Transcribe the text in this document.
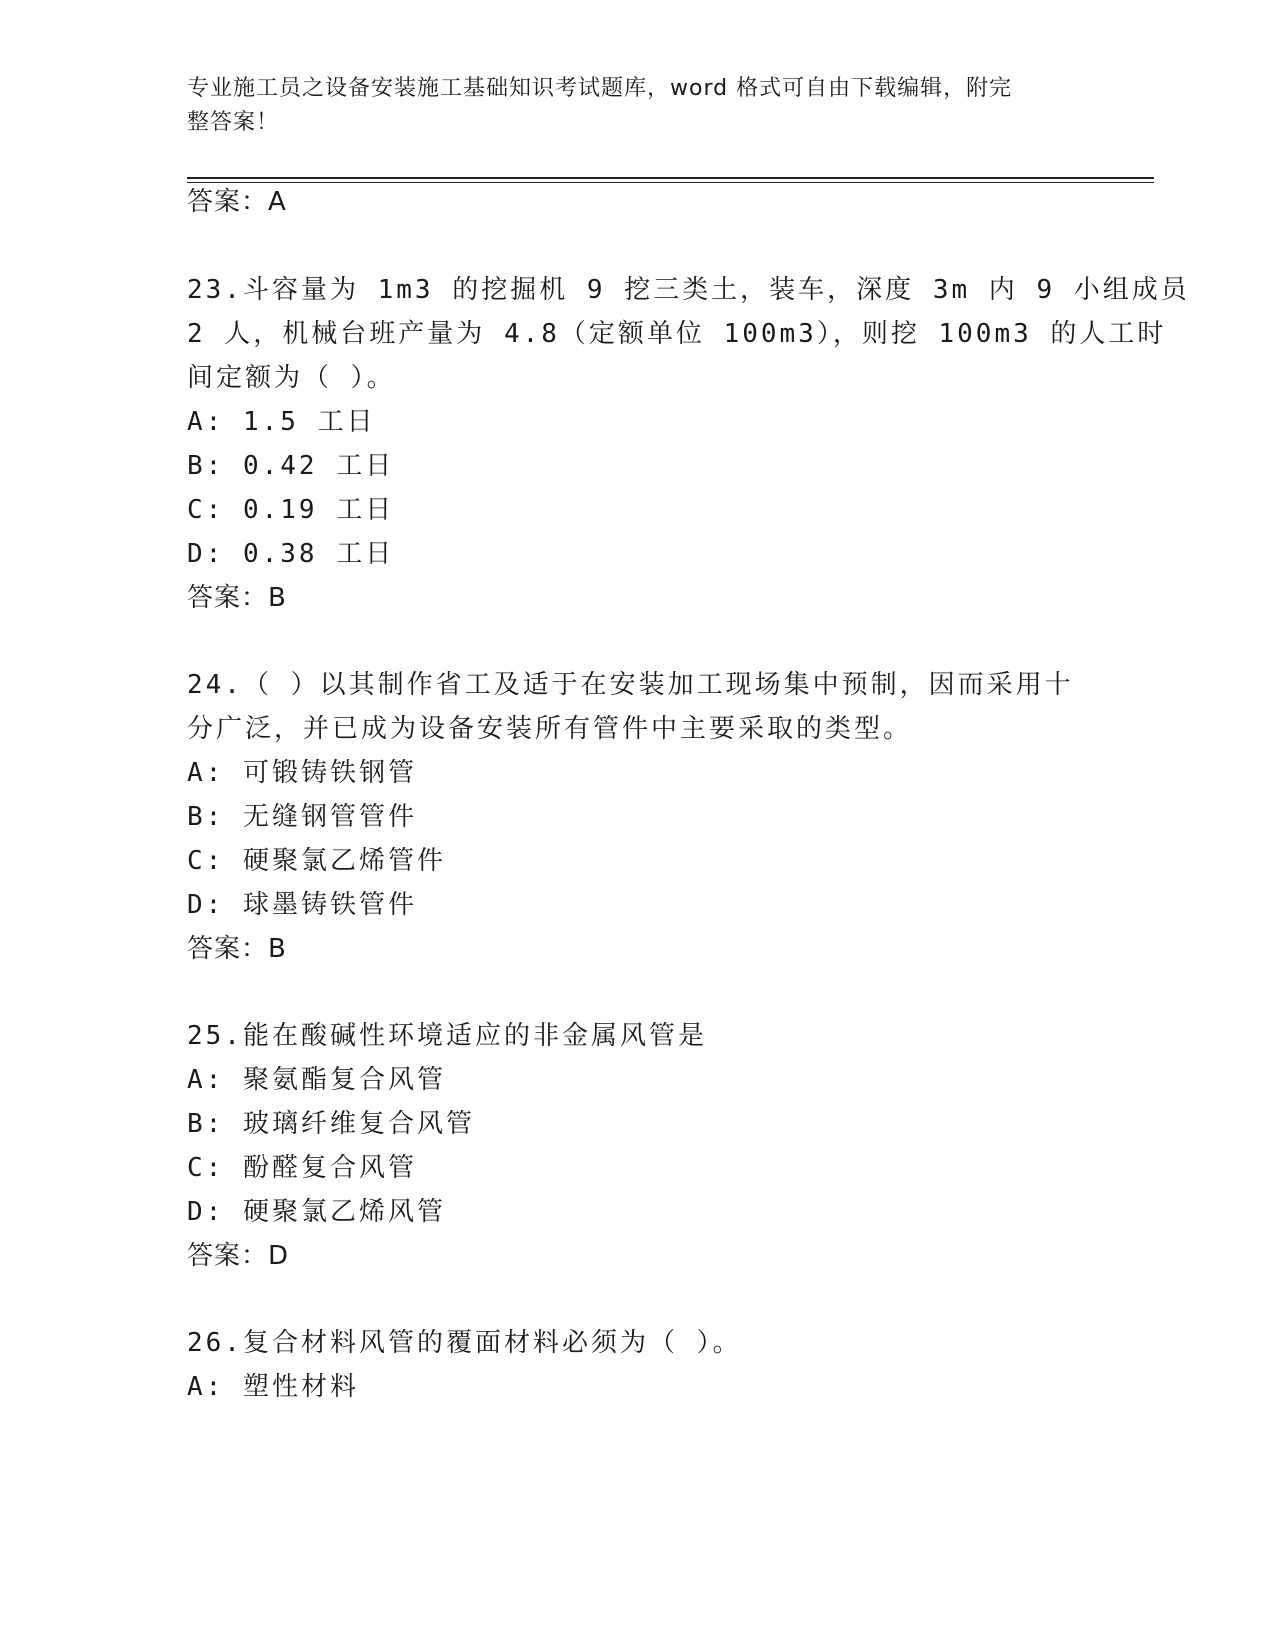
专业施工员之设备安装施工基础知识考试题库，word 格式可自由下载编辑，附完
整答案！
答案：A
23.斗容量为 1m3 的挖掘机 9 挖三类土，装车，深度 3m 内 9 小组成员
2 人，机械台班产量为 4.8（定额单位 100m3），则挖 100m3 的人工时
间定额为（ ）。
A: 1.5 工日
B: 0.42 工日
C: 0.19 工日
D: 0.38 工日
答案：B
24.（ ）以其制作省工及适于在安装加工现场集中预制，因而采用十
分广泛，并已成为设备安装所有管件中主要采取的类型。
A: 可锻铸铁钢管
B: 无缝钢管管件
C: 硬聚氯乙烯管件
D: 球墨铸铁管件
答案：B
25.能在酸碱性环境适应的非金属风管是
A: 聚氨酯复合风管
B: 玻璃纤维复合风管
C: 酚醛复合风管
D: 硬聚氯乙烯风管
答案：D
26.复合材料风管的覆面材料必须为（ ）。
A: 塑性材料
